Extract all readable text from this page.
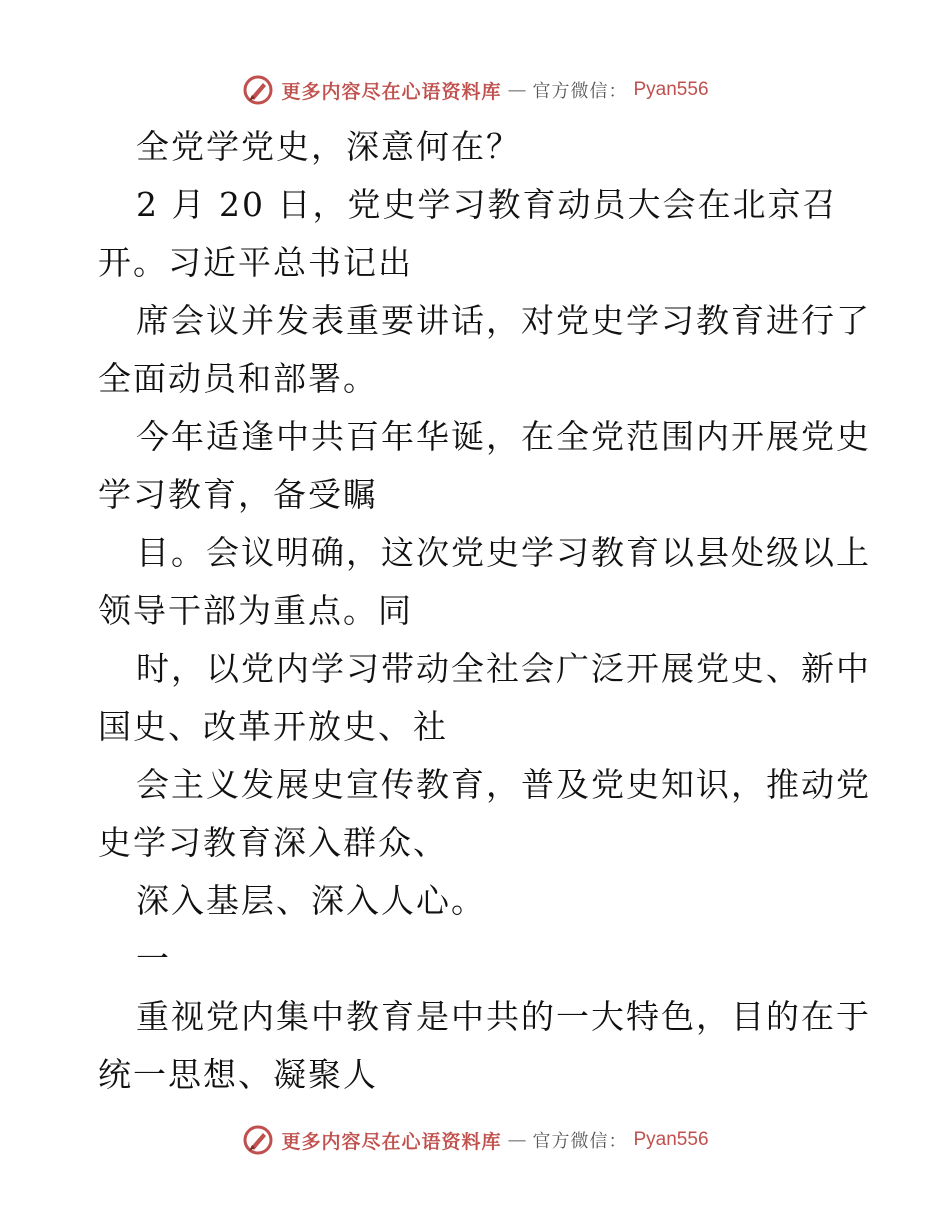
更多内容尽在心语资料库 — 官方微信： Pyan556
全党学党史，深意何在？
2 月 20 日，党史学习教育动员大会在北京召
开。习近平总书记出
席会议并发表重要讲话，对党史学习教育进行了
全面动员和部署。
今年适逢中共百年华诞，在全党范围内开展党史
学习教育，备受瞩
目。会议明确，这次党史学习教育以县处级以上
领导干部为重点。同
时，以党内学习带动全社会广泛开展党史、新中
国史、改革开放史、社
会主义发展史宣传教育，普及党史知识，推动党
史学习教育深入群众、
深入基层、深入人心。
一
重视党内集中教育是中共的一大特色，目的在于
统一思想、凝聚人
更多内容尽在心语资料库 — 官方微信： Pyan556
